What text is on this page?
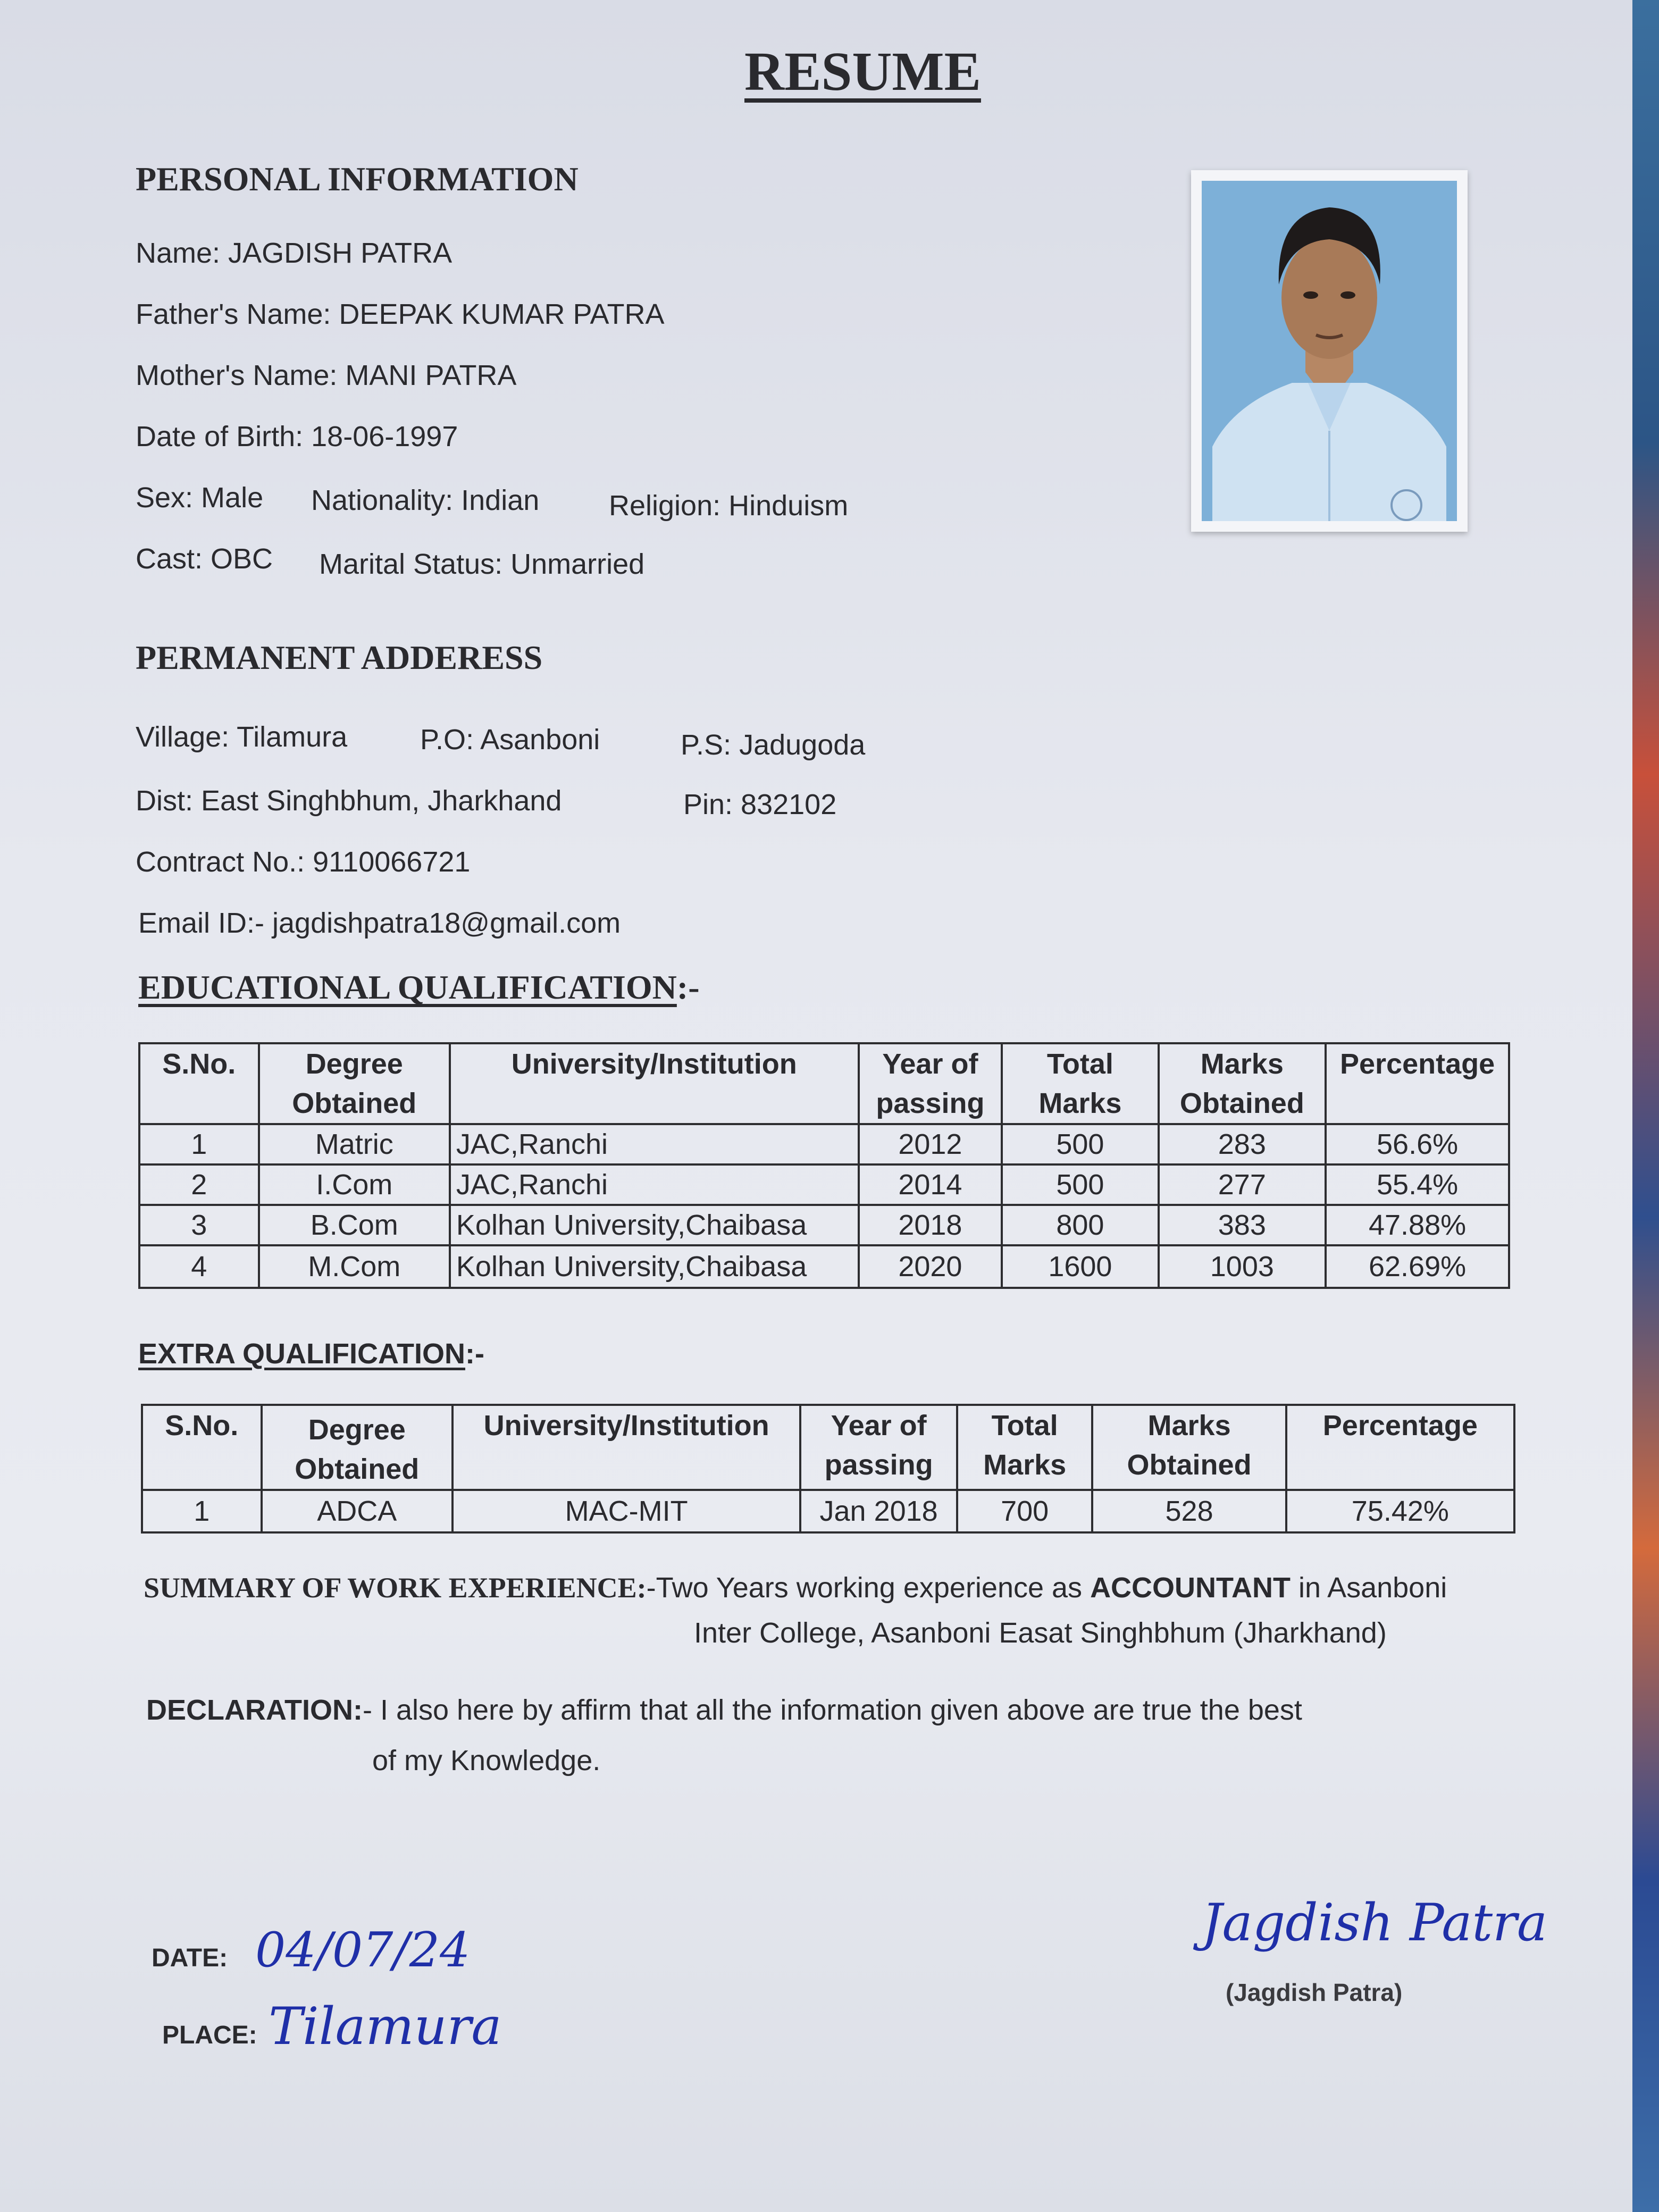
RESUME
PERSONAL INFORMATION
Name: JAGDISH PATRA
Father's Name: DEEPAK KUMAR PATRA
Mother's Name: MANI PATRA
Date of Birth: 18-06-1997
Sex: Male Nationality: Indian Religion: Hinduism
Cast: OBC Marital Status: Unmarried
PERMANENT ADDERESS
Village: Tilamura	P.O: Asanboni	P.S: Jadugoda
Dist: East Singhbhum, Jharkhand	Pin: 832102
Contract No.: 9110066721
Email ID:- jagdishpatra18@gmail.com
EDUCATIONAL QUALIFICATION:-
S.No.	Degree Obtained	University/Institution	Year of passing	Total Marks	Marks Obtained	Percentage
1	Matric	JAC,Ranchi	2012	500	283	56.6%
2	I.Com	JAC,Ranchi	2014	500	277	55.4%
3	B.Com	Kolhan University,Chaibasa	2018	800	383	47.88%
4	M.Com	Kolhan University,Chaibasa	2020	1600	1003	62.69%
EXTRA QUALIFICATION:-
S.No.	Degree Obtained	University/Institution	Year of passing	Total Marks	Marks Obtained	Percentage
1	ADCA	MAC-MIT	Jan 2018	700	528	75.42%
SUMMARY OF WORK EXPERIENCE:-Two Years working experience as ACCOUNTANT in Asanboni
Inter College, Asanboni Easat Singhbhum (Jharkhand)
DECLARATION:- I also here by affirm that all the information given above are true the best
of my Knowledge.
DATE: 04/07/24
PLACE: Tilamura
Jagdish Patra
(Jagdish Patra)
